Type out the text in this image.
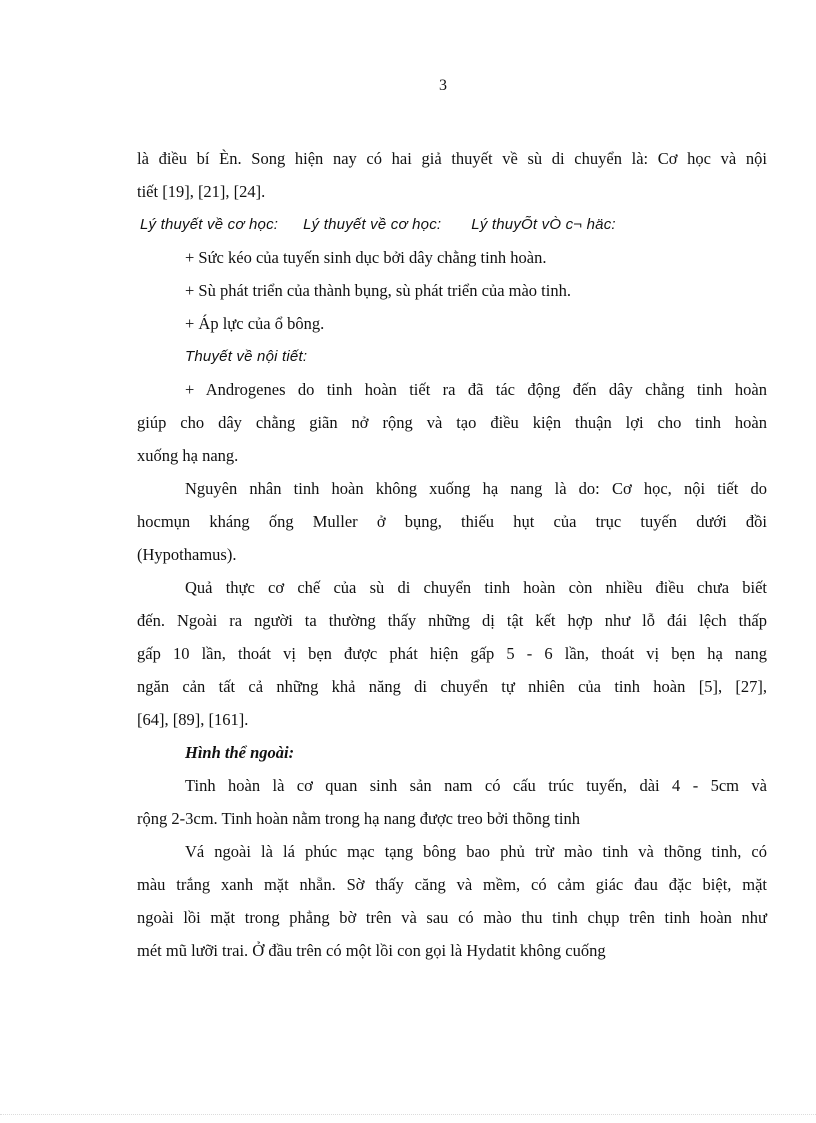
3
là điều bí Èn. Song hiện nay có hai giả thuyết về sù di chuyển là: Cơ học và nội
tiết [19], [21], [24].
Lý thuyết về cơ học: Lý thuyết về cơ học: Lý thuyÕt vÒ c¬ häc:
+ Sức kéo của tuyến sinh dục bởi dây chằng tinh hoàn.
+ Sù phát triển của thành bụng, sù phát triển của mào tinh.
+ Áp lực của ổ bông.
Thuyết về nội tiết:
+ Androgenes do tinh hoàn tiết ra đã tác động đến dây chằng tinh hoàn
giúp cho dây chằng giãn nở rộng và tạo điều kiện thuận lợi cho tinh hoàn
xuống hạ nang.
Nguyên nhân tinh hoàn không xuống hạ nang là do: Cơ học, nội tiết do
hocmụn kháng ống Muller ở bụng, thiếu hụt của trục tuyến dưới đồi
(Hypothamus).
Quả thực cơ chế của sù di chuyển tinh hoàn còn nhiều điều chưa biết
đến. Ngoài ra người ta thường thấy những dị tật kết hợp như lỗ đái lệch thấp
gấp 10 lần, thoát vị bẹn được phát hiện gấp 5 - 6 lần, thoát vị bẹn hạ nang
ngăn cản tất cả những khả năng di chuyển tự nhiên của tinh hoàn [5], [27],
[64], [89], [161].
Hình thể ngoài:
Tinh hoàn là cơ quan sinh sản nam có cấu trúc tuyến, dài 4 - 5cm và
rộng 2-3cm. Tinh hoàn nằm trong hạ nang được treo bởi thõng tinh
Vá ngoài là lá phúc mạc tạng bông bao phủ trừ mào tinh và thõng tinh, có
màu trắng xanh mặt nhẵn. Sờ thấy căng và mềm, có cảm giác đau đặc biệt, mặt
ngoài lồi mặt trong phẳng bờ trên và sau có mào thu tinh chụp trên tinh hoàn như
mét mũ lưỡi trai. Ở đầu trên có một lồi con gọi là Hydatit không cuống
